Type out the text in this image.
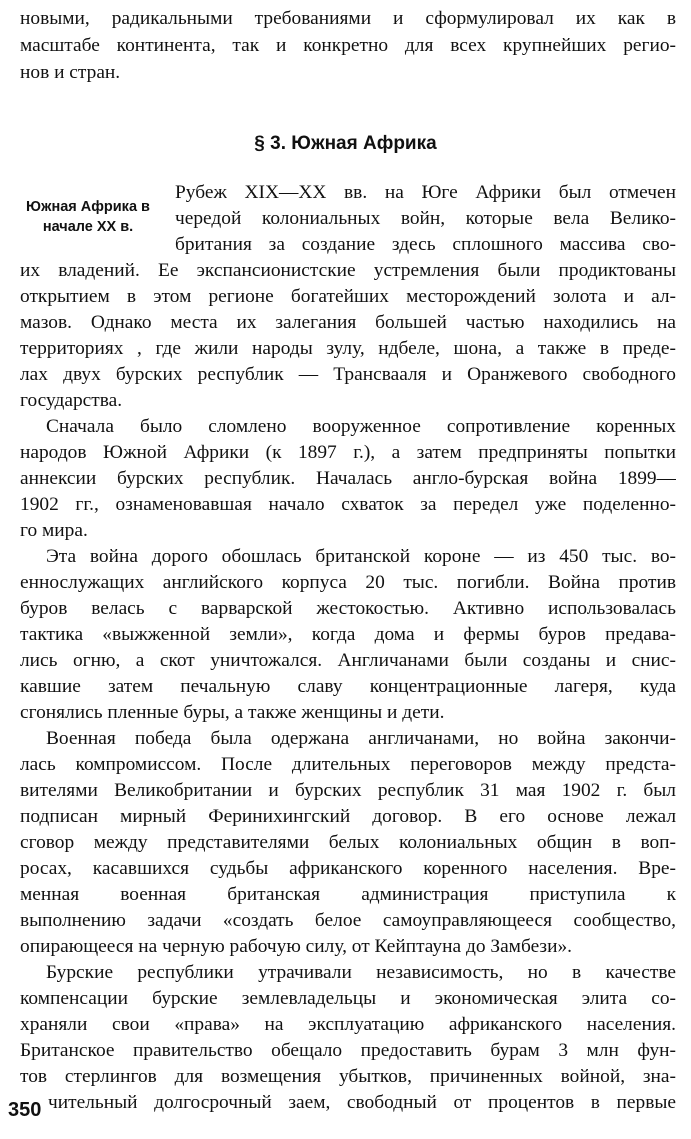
новыми, радикальными требованиями и сформулировал их как в
масштабе континента, так и конкретно для всех крупнейших регио-
нов и стран.
§ 3. Южная Африка
Южная Африка в
начале XX в.
Рубеж XIX—XX вв. на Юге Африки был отмечен
чередой колониальных войн, которые вела Велико-
британия за создание здесь сплошного массива сво-
их владений. Ее экспансионистские устремления были продиктованы
открытием в этом регионе богатейших месторождений золота и ал-
мазов. Однако места их залегания большей частью находились на
территориях , где жили народы зулу, ндбеле, шона, а также в преде-
лах двух бурских республик — Трансвааля и Оранжевого свободного
государства.
Сначала было сломлено вооруженное сопротивление коренных
народов Южной Африки (к 1897 г.), а затем предприняты попытки
аннексии бурских республик. Началась англо-бурская война 1899—
1902 гг., ознаменовавшая начало схваток за передел уже поделенно-
го мира.
Эта война дорого обошлась британской короне — из 450 тыс. во-
еннослужащих английского корпуса 20 тыс. погибли. Война против
буров велась с варварской жестокостью. Активно использовалась
тактика «выжженной земли», когда дома и фермы буров предава-
лись огню, а скот уничтожался. Англичанами были созданы и снис-
кавшие затем печальную славу концентрационные лагеря, куда
сгонялись пленные буры, а также женщины и дети.
Военная победа была одержана англичанами, но война закончи-
лась компромиссом. После длительных переговоров между предста-
вителями Великобритании и бурских республик 31 мая 1902 г. был
подписан мирный Феринихингский договор. В его основе лежал
сговор между представителями белых колониальных общин в воп-
росах, касавшихся судьбы африканского коренного населения. Вре-
менная военная британская администрация приступила к
выполнению задачи «создать белое самоуправляющееся сообщество,
опирающееся на черную рабочую силу, от Кейптауна до Замбези».
Бурские республики утрачивали независимость, но в качестве
компенсации бурские землевладельцы и экономическая элита со-
храняли свои «права» на эксплуатацию африканского населения.
Британское правительство обещало предоставить бурам 3 млн фун-
тов стерлингов для возмещения убытков, причиненных войной, зна-
чительный долгосрочный заем, свободный от процентов в первые
350
